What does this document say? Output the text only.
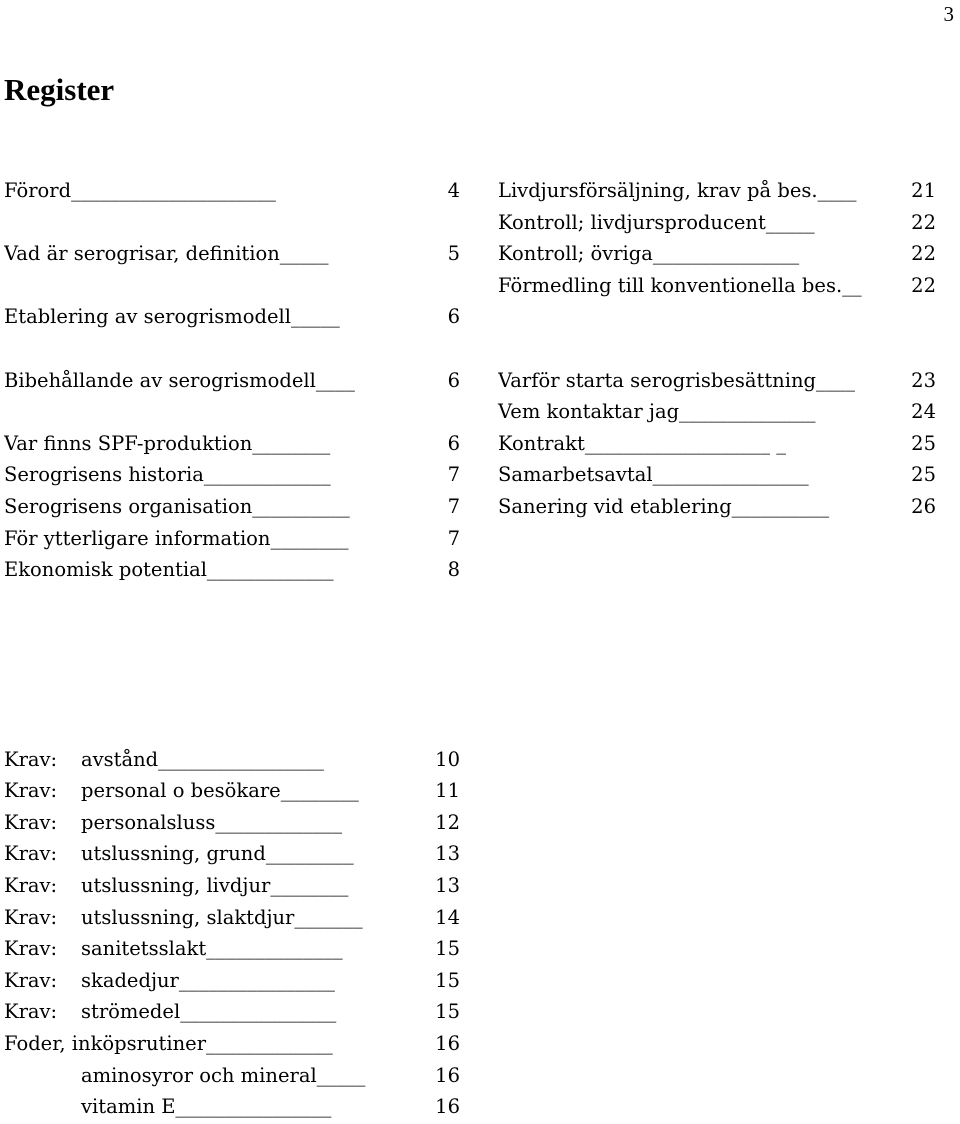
3
Register
Förord_____________________	4
Vad är serogrisar, definition_____	5
Etablering av serogrismodell_____	6
Bibehållande av serogrismodell____	6
Var finns SPF-produktion________	6
Serogrisens historia_____________	7
Serogrisens organisation__________	7
För ytterligare information________	7
Ekonomisk potential_____________	8
Krav: avstånd_________________	10
Krav: personal o besökare________	11
Krav: personalsluss_____________	12
Krav: utslussning, grund_________	13
Krav: utslussning, livdjur________	13
Krav: utslussning, slaktdjur_______	14
Krav: sanitetsslakt______________	15
Krav: skadedjur________________	15
Krav: strömedel________________	15
Foder, inköpsrutiner_____________	16
aminosyror och mineral_____	16
vitamin E________________	16
Livdjursförsäljning, krav på bes.____	21
Kontroll; livdjursproducent_____	22
Kontroll; övriga_______________	22
Förmedling till konventionella bes.__	22
Varför starta serogrisbesättning____	23
Vem kontaktar jag______________	24
Kontrakt___________________ _	25
Samarbetsavtal________________	25
Sanering vid etablering__________	26
